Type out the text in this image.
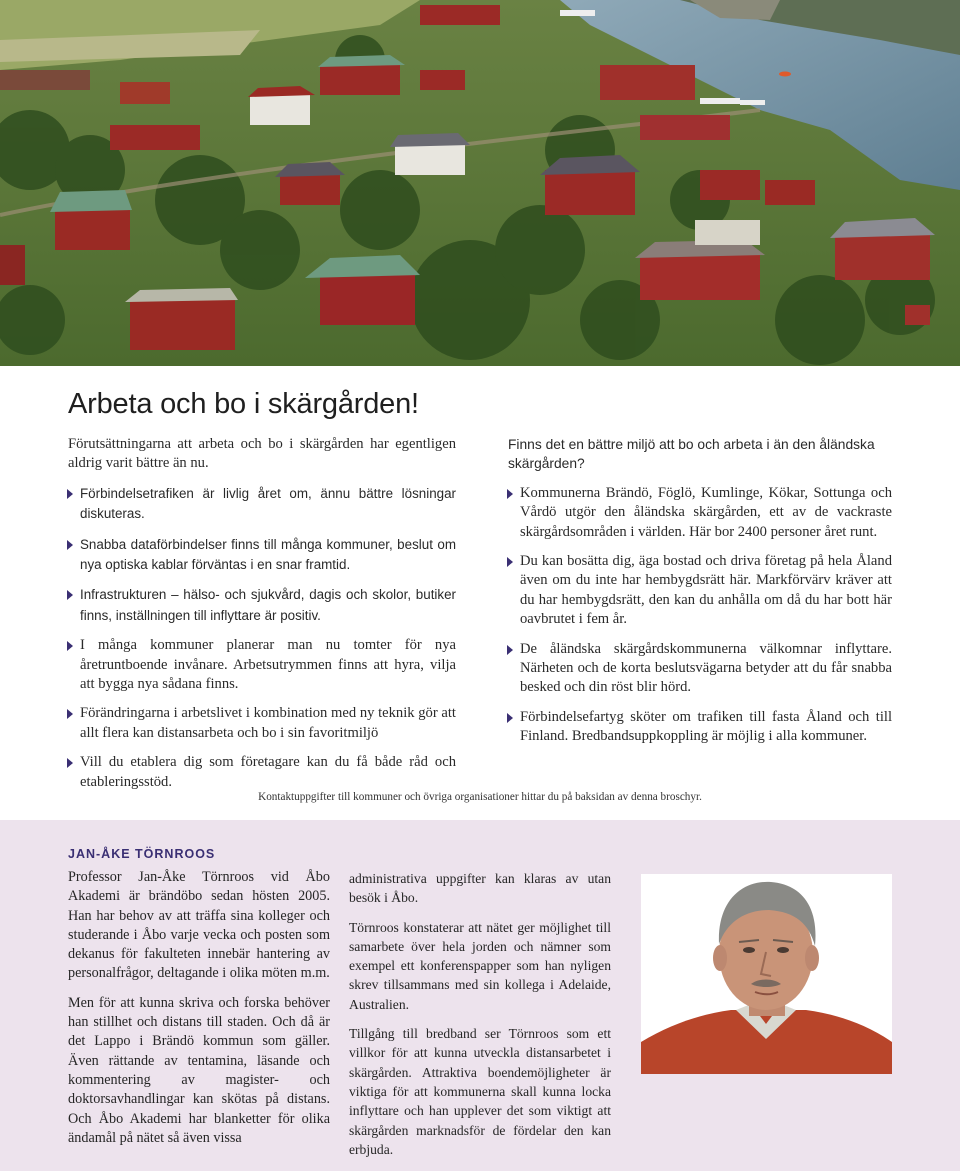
Arbeta och bo i skärgården!

Förutsättningarna att arbeta och bo i skärgården har egentligen aldrig varit bättre än nu.

Förbindelsetrafiken är livlig året om, ännu bättre lösningar diskuteras.
Snabba dataförbindelser finns till många kommuner, beslut om nya optiska kablar förväntas i en snar framtid.
Infrastrukturen – hälso- och sjukvård, dagis och skolor, butiker finns, inställningen till inflyttare är positiv.
I många kommuner planerar man nu tomter för nya åretruntboende invånare. Arbetsutrymmen finns att hyra, vilja att bygga nya sådana finns.
Förändringarna i arbetslivet i kombination med ny teknik gör att allt flera kan distansarbeta och bo i sin favoritmiljö
Vill du etablera dig som företagare kan du få både råd och etableringsstöd.

Finns det en bättre miljö att bo och arbeta i än den åländska skärgården?

Kommunerna Brändö, Föglö, Kumlinge, Kökar, Sottunga och Vårdö utgör den åländska skärgården, ett av de vackraste skärgårdsområden i världen. Här bor 2400 personer året runt.
Du kan bosätta dig, äga bostad och driva företag på hela Åland även om du inte har hembygdsrätt här. Markförvärv kräver att du har hembygdsrätt, den kan du anhålla om då du har bott här oavbrutet i fem år.
De åländska skärgårdskommunerna välkomnar inflyttare. Närheten och de korta beslutsvägarna betyder att du får snabba besked och din röst blir hörd.
Förbindelsefartyg sköter om trafiken till fasta Åland och till Finland. Bredbandsuppkoppling är möjlig i alla kommuner.
Kontaktuppgifter till kommuner och övriga organisationer hittar du på baksidan av denna broschyr.
JAN-ÅKE TÖRNROOS

Professor Jan-Åke Törnroos vid Åbo Akademi är brändöbo sedan hösten 2005. Han har behov av att träffa sina kolleger och studerande i Åbo varje vecka och posten som dekanus för fakulteten innebär hantering av personalfrågor, deltagande i olika möten m.m.

Men för att kunna skriva och forska behöver han stillhet och distans till staden. Och då är det Lappo i Brändö kommun som gäller. Även rättande av tentamina, läsande och kommentering av magister- och doktorsavhandlingar kan skötas på distans. Och Åbo Akademi har blanketter för olika ändamål på nätet så även vissa

administrativa uppgifter kan klaras av utan besök i Åbo.

Törnroos konstaterar att nätet ger möjlighet till samarbete över hela jorden och nämner som exempel ett konferenspapper som han nyligen skrev tillsammans med sin kollega i Adelaide, Australien.

Tillgång till bredband ser Törnroos som ett villkor för att kunna utveckla distansarbetet i skärgården. Attraktiva boendemöjligheter är viktiga för att kommunerna skall kunna locka inflyttare och han upplever det som viktigt att skärgården marknadsför de fördelar den kan erbjuda.
